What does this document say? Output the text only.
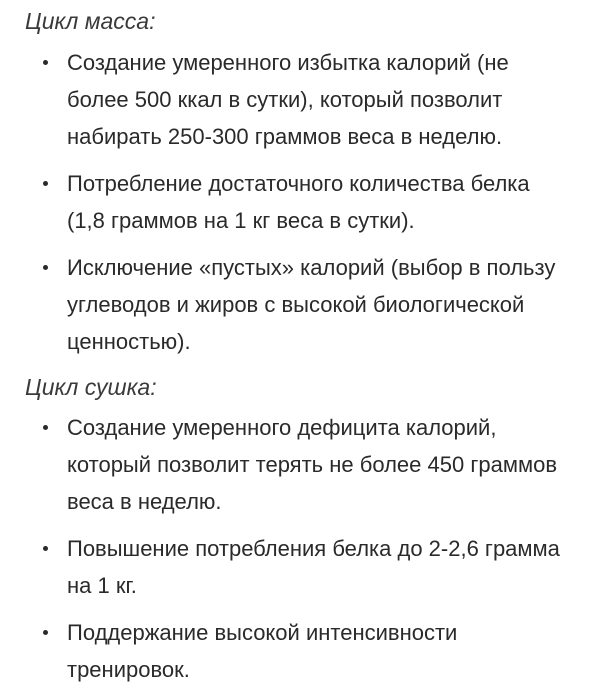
Цикл масса:

Создание умеренного избытка калорий (не более 500 ккал в сутки), который позволит набирать 250-300 граммов веса в неделю.
Потребление достаточного количества белка (1,8 граммов на 1 кг веса в сутки).
Исключение «пустых» калорий (выбор в пользу углеводов и жиров с высокой биологической ценностью).

Цикл сушка:

Создание умеренного дефицита калорий, который позволит терять не более 450 граммов веса в неделю.
Повышение потребления белка до 2-2,6 грамма на 1 кг.
Поддержание высокой интенсивности тренировок.
